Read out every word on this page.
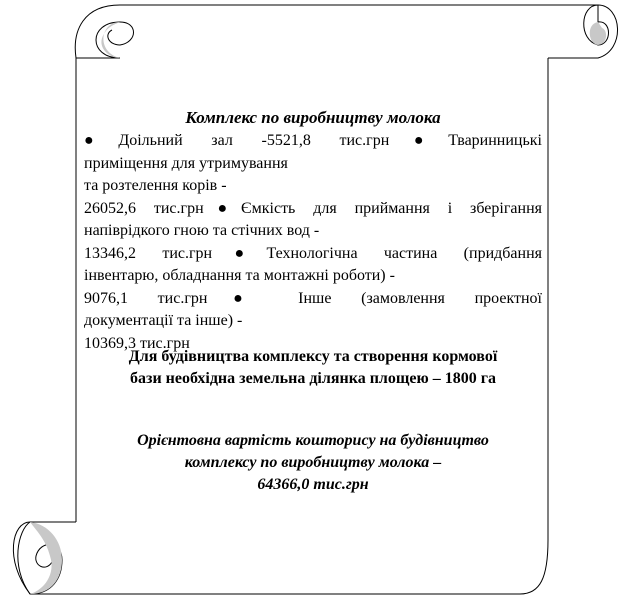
Комплекс по виробництву молока
●Доільний зал -5521,8 тис.грн●Тваринницькі
приміщення для утримування
та розтелення корів -
26052,6 тис.грн●Ємкість для приймання і зберігання
напіврідкого гною та стічних вод -
13346,2 тис.грн●Технологічна частина (придбання
інвентарю, обладнання та монтажні роботи) -
9076,1 тис.грн● Інше (замовлення проектної
документації та інше) -
10369,3 тис.грн
Для будівництва комплексу та створення кормової
бази необхідна земельна ділянка площею – 1800 га
Орієнтовна вартість кошторису на будівництво
комплексу по виробництву молока –
64366,0 тис.грн
